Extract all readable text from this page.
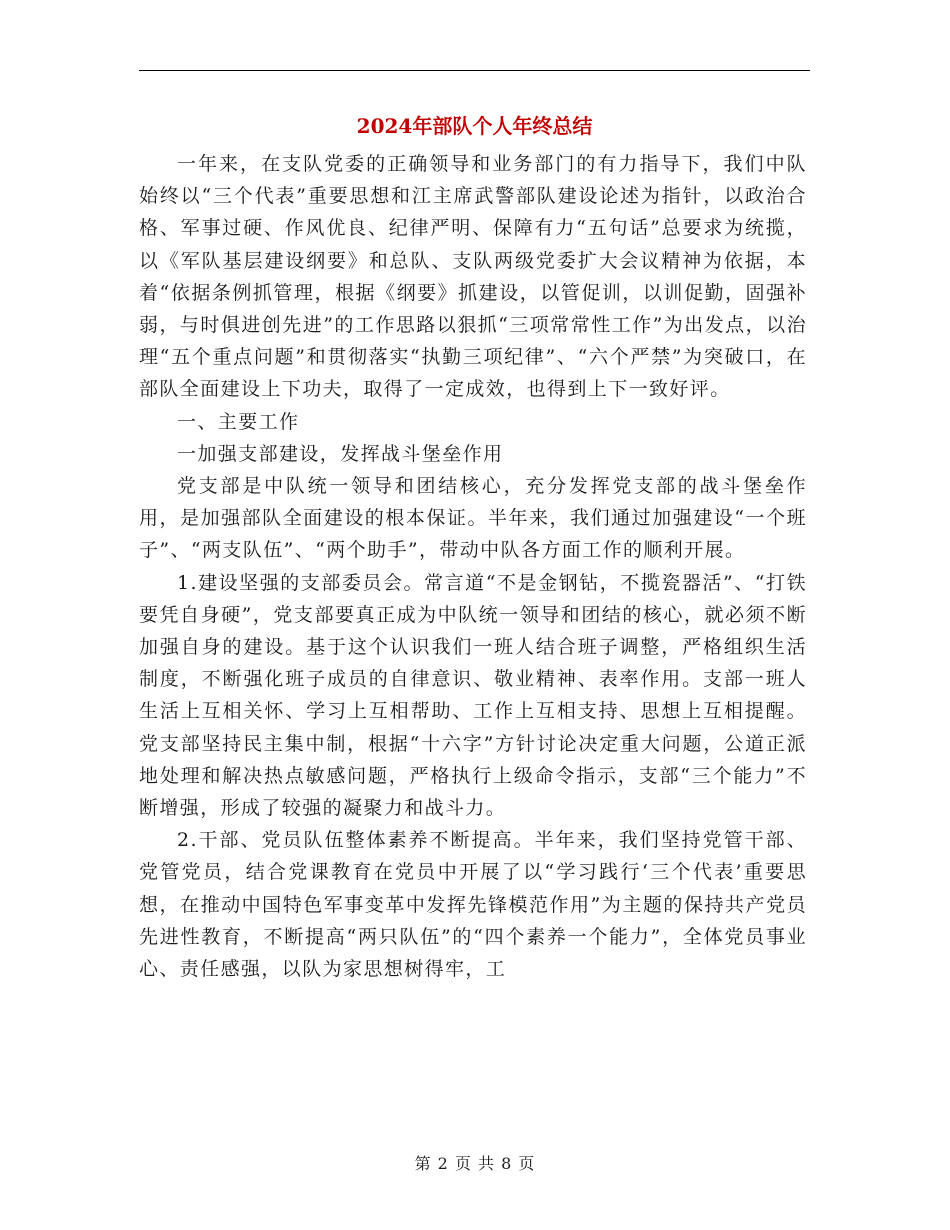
2024年部队个人年终总结

一年来，在支队党委的正确领导和业务部门的有力指导下，我们中队始终以“三个代表”重要思想和江主席武警部队建设论述为指针，以政治合格、军事过硬、作风优良、纪律严明、保障有力“五句话”总要求为统揽，以《军队基层建设纲要》和总队、支队两级党委扩大会议精神为依据，本着“依据条例抓管理，根据《纲要》抓建设，以管促训，以训促勤，固强补弱，与时俱进创先进”的工作思路以狠抓“三项常常性工作”为出发点，以治理“五个重点问题”和贯彻落实“执勤三项纪律”、“六个严禁”为突破口，在部队全面建设上下功夫，取得了一定成效，也得到上下一致好评。

一、主要工作

一加强支部建设，发挥战斗堡垒作用

党支部是中队统一领导和团结核心，充分发挥党支部的战斗堡垒作用，是加强部队全面建设的根本保证。半年来，我们通过加强建设“一个班子”、“两支队伍”、“两个助手”，带动中队各方面工作的顺利开展。

1.建设坚强的支部委员会。常言道“不是金钢钻，不揽瓷器活”、“打铁要凭自身硬”，党支部要真正成为中队统一领导和团结的核心，就必须不断加强自身的建设。基于这个认识我们一班人结合班子调整，严格组织生活制度，不断强化班子成员的自律意识、敬业精神、表率作用。支部一班人生活上互相关怀、学习上互相帮助、工作上互相支持、思想上互相提醒。党支部坚持民主集中制，根据“十六字”方针讨论决定重大问题，公道正派地处理和解决热点敏感问题，严格执行上级命令指示，支部“三个能力”不断增强，形成了较强的凝聚力和战斗力。

2.干部、党员队伍整体素养不断提高。半年来，我们坚持党管干部、党管党员，结合党课教育在党员中开展了以“学习践行‘三个代表’重要思想，在推动中国特色军事变革中发挥先锋模范作用”为主题的保持共产党员先进性教育，不断提高“两只队伍”的“四个素养一个能力”，全体党员事业心、责任感强，以队为家思想树得牢，工

第 2 页 共 8 页
